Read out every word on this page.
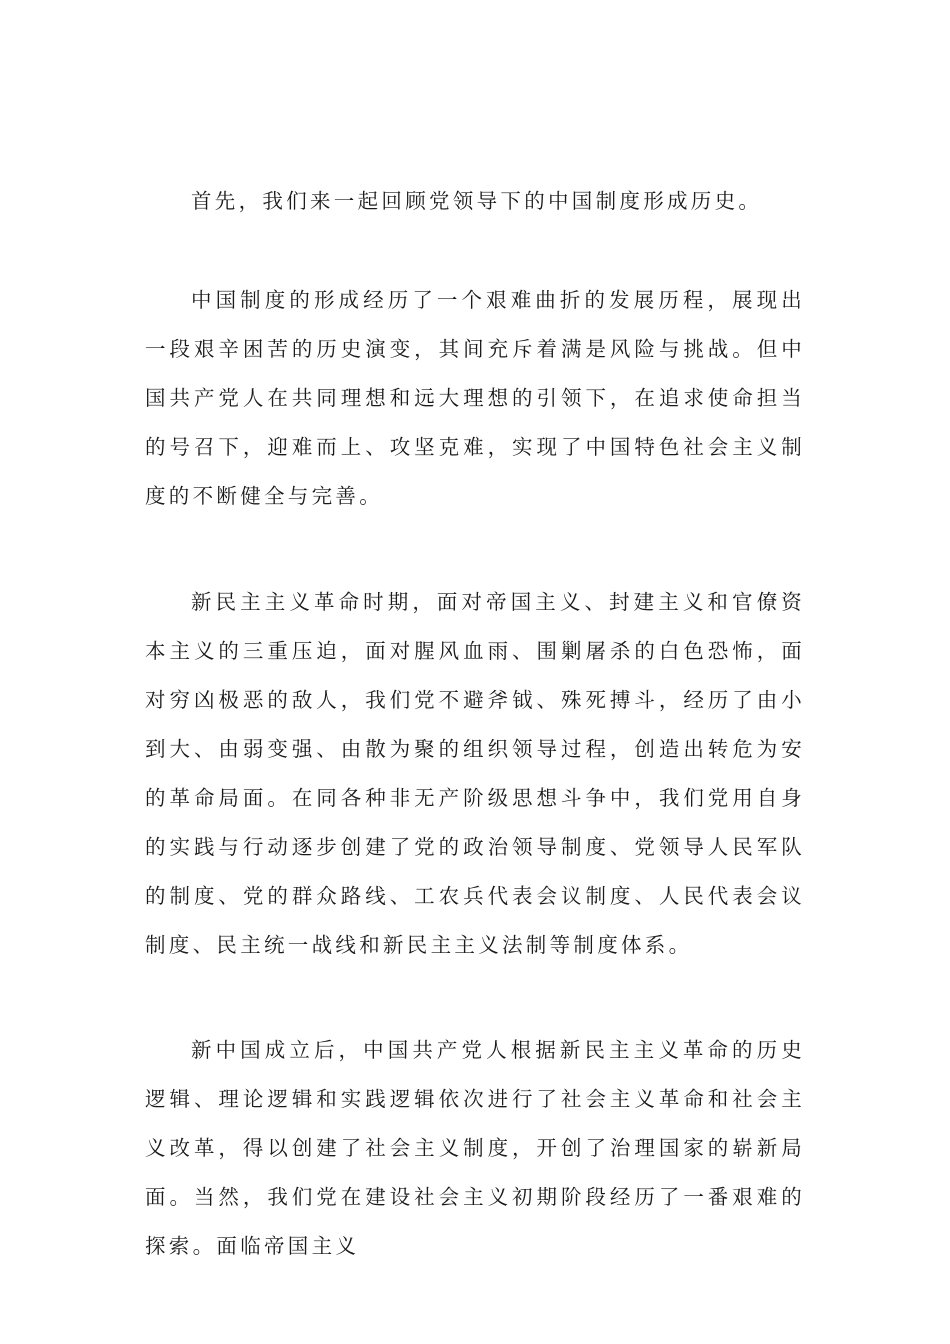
首先，我们来一起回顾党领导下的中国制度形成历史。

中国制度的形成经历了一个艰难曲折的发展历程，展现出一段艰辛困苦的历史演变，其间充斥着满是风险与挑战。但中国共产党人在共同理想和远大理想的引领下，在追求使命担当的号召下，迎难而上、攻坚克难，实现了中国特色社会主义制度的不断健全与完善。

新民主主义革命时期，面对帝国主义、封建主义和官僚资本主义的三重压迫，面对腥风血雨、围剿屠杀的白色恐怖，面对穷凶极恶的敌人，我们党不避斧钺、殊死搏斗，经历了由小到大、由弱变强、由散为聚的组织领导过程，创造出转危为安的革命局面。在同各种非无产阶级思想斗争中，我们党用自身的实践与行动逐步创建了党的政治领导制度、党领导人民军队的制度、党的群众路线、工农兵代表会议制度、人民代表会议制度、民主统一战线和新民主主义法制等制度体系。

新中国成立后，中国共产党人根据新民主主义革命的历史逻辑、理论逻辑和实践逻辑依次进行了社会主义革命和社会主义改革，得以创建了社会主义制度，开创了治理国家的崭新局面。当然，我们党在建设社会主义初期阶段经历了一番艰难的探索。面临帝国主义
